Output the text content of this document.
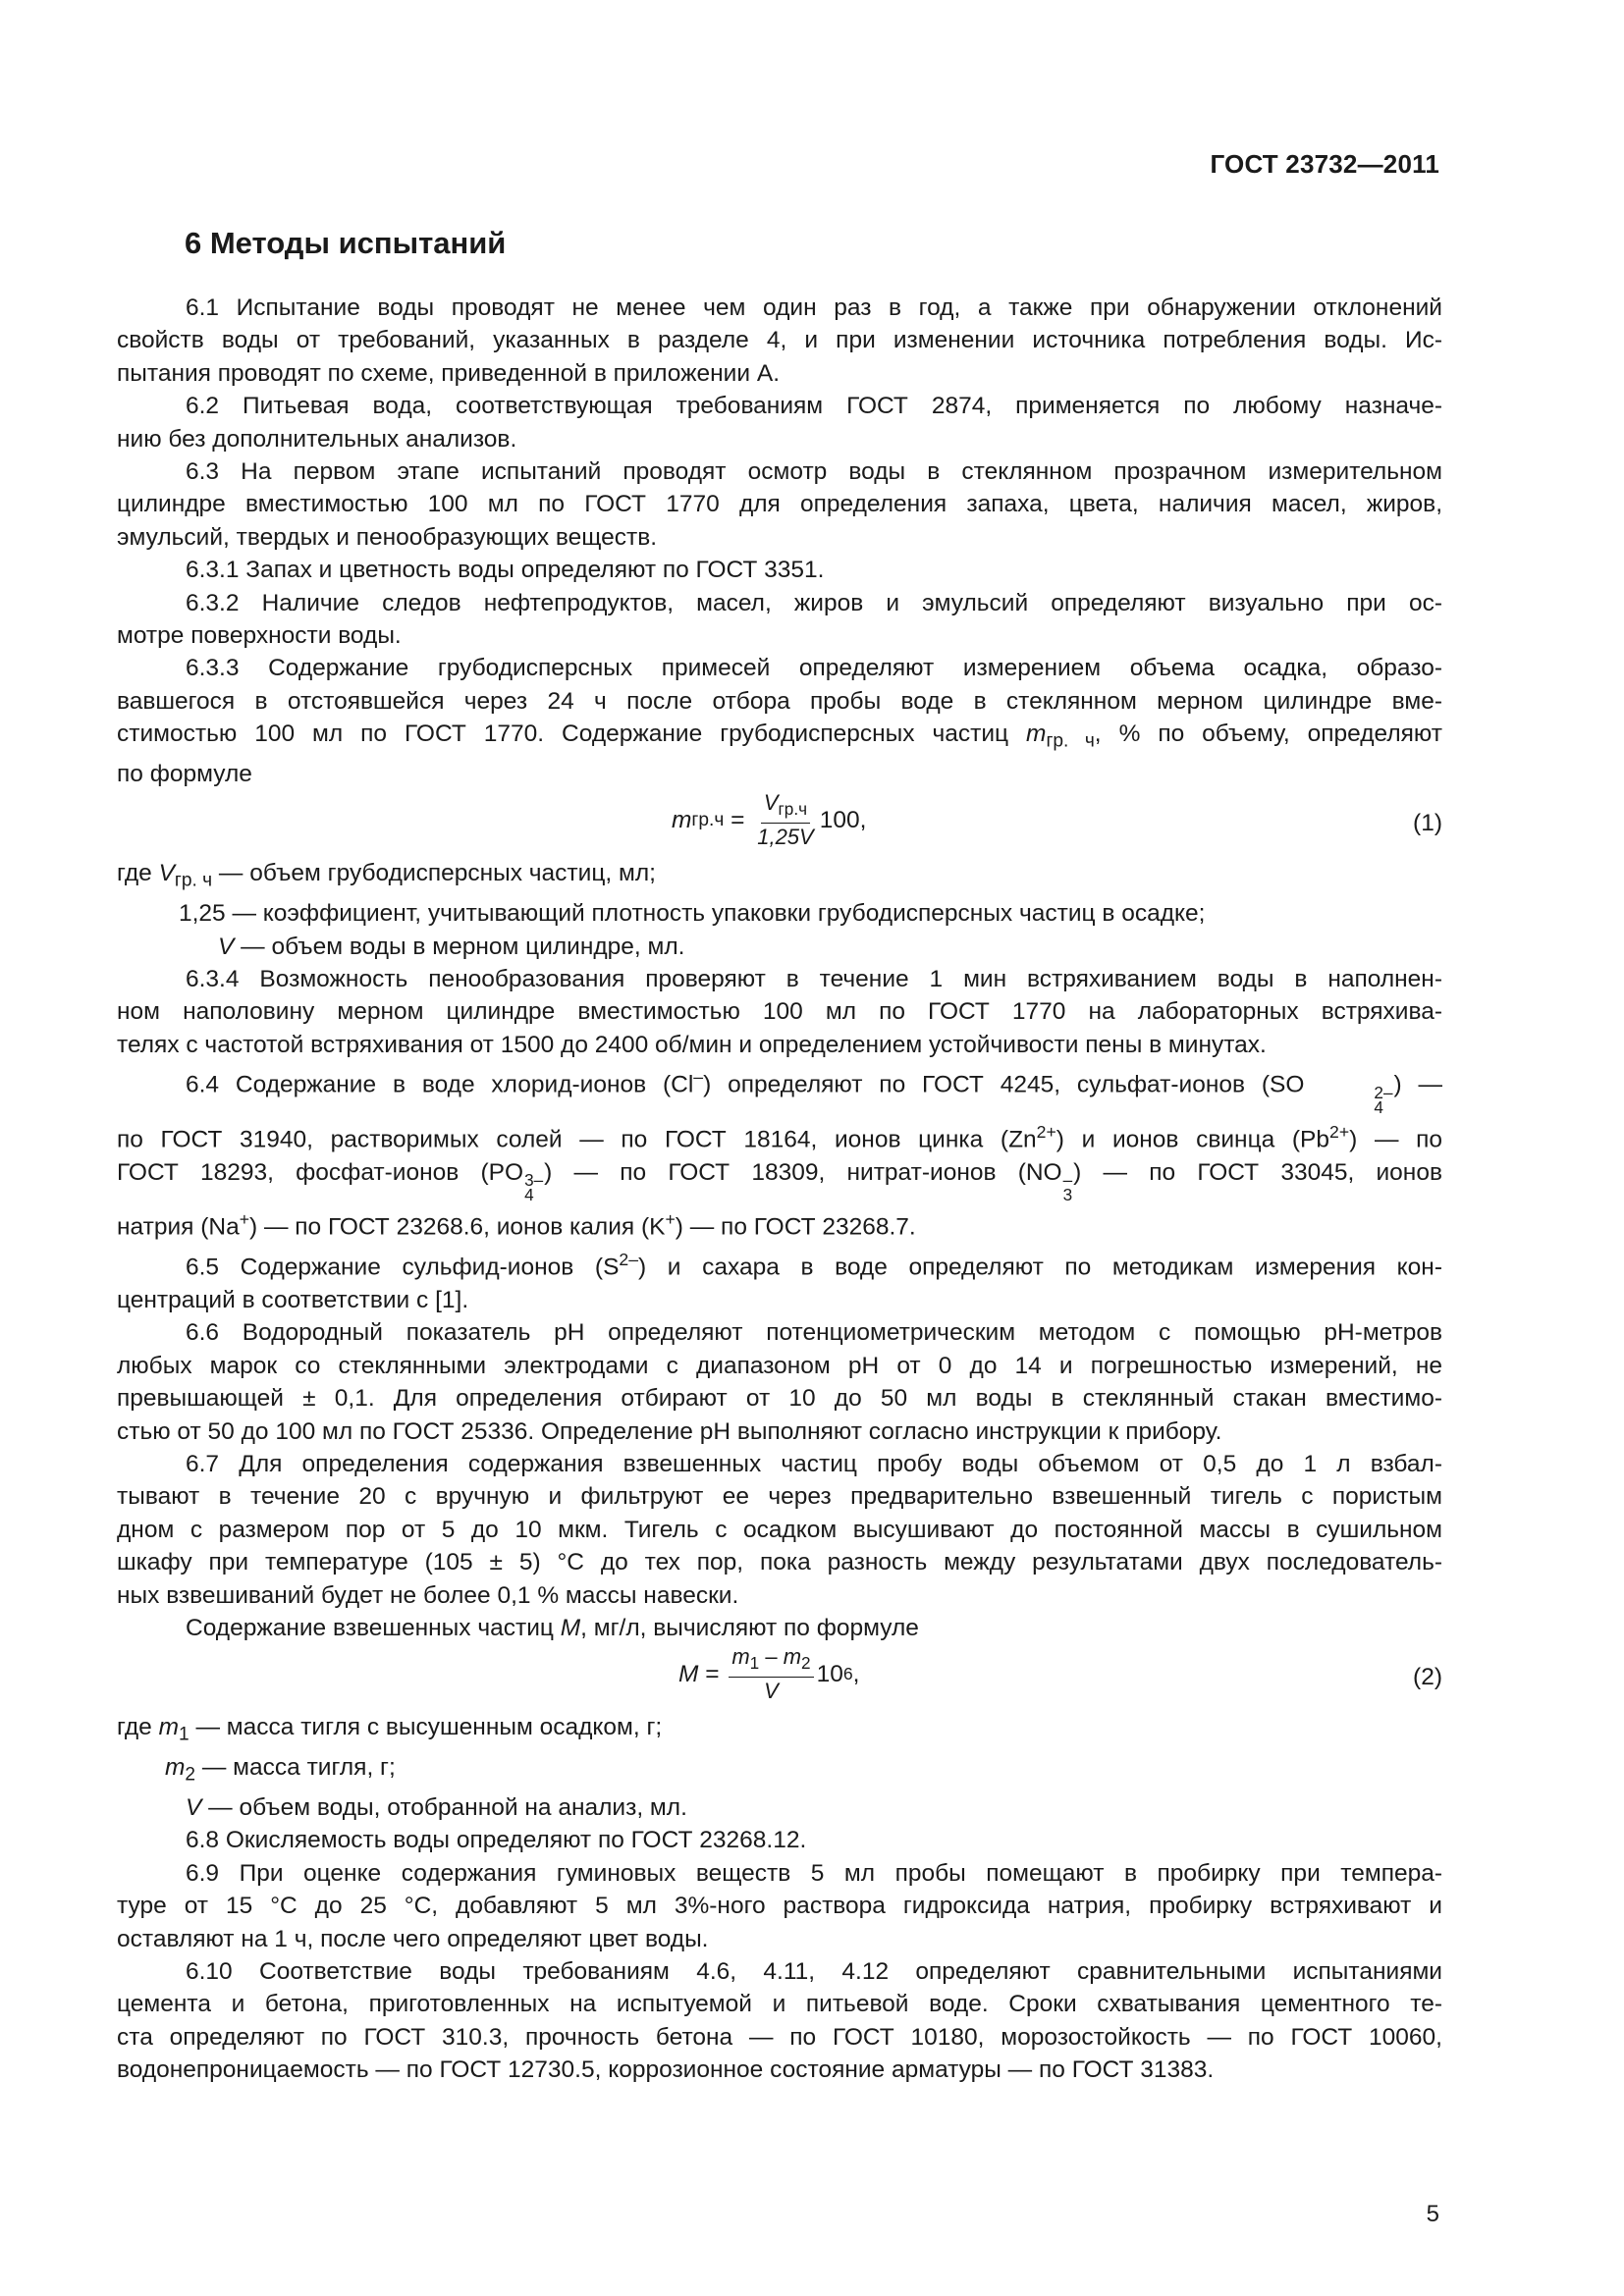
ГОСТ 23732—2011
6 Методы испытаний

6.1 Испытание воды проводят не менее чем один раз в год, а также при обнаружении отклонений
свойств воды от требований, указанных в разделе 4, и при изменении источника потребления воды. Ис-
пытания проводят по схеме, приведенной в приложении А.

6.2 Питьевая вода, соответствующая требованиям ГОСТ 2874, применяется по любому назначе-
нию без дополнительных анализов.

6.3 На первом этапе испытаний проводят осмотр воды в стеклянном прозрачном измерительном
цилиндре вместимостью 100 мл по ГОСТ 1770 для определения запаха, цвета, наличия масел, жиров,
эмульсий, твердых и пенообразующих веществ.

6.3.1 Запах и цветность воды определяют по ГОСТ 3351.

6.3.2 Наличие следов нефтепродуктов, масел, жиров и эмульсий определяют визуально при ос-
мотре поверхности воды.

6.3.3 Содержание грубодисперсных примесей определяют измерением объема осадка, образо-
вавшегося в отстоявшейся через 24 ч после отбора пробы воде в стеклянном мерном цилиндре вме-
стимостью 100 мл по ГОСТ 1770. Содержание грубодисперсных частиц $m_{гр. ч}$, % по объему, определяют
по формуле

m $гр.ч = \frac{V_{гр.ч}}{1,25V} 100$,	(1)

где $V_{гр. ч}$ — объем грубодисперсных частиц, мл;
1,25 — коэффициент, учитывающий плотность упаковки грубодисперсных частиц в осадке;
V — объем воды в мерном цилиндре, мл.

6.3.4 Возможность пенообразования проверяют в течение 1 мин встряхиванием воды в наполнен-
ном наполовину мерном цилиндре вместимостью 100 мл по ГОСТ 1770 на лабораторных встряхива-
телях с частотой встряхивания от 1500 до 2400 об/мин и определением устойчивости пены в минутах.

6.4 Содержание в воде хлорид-ионов (Cl–) определяют по ГОСТ 4245, сульфат-ионов (SO	2–
4
) —
по ГОСТ 31940, растворимых солей — по ГОСТ 18164, ионов цинка $(Zn^{2+})$ и ионов свинца $(Pb^{2+})$ — по
ГОСТ 18293, фосфат-ионов (PO 3–
4
) — по ГОСТ 18309, нитрат-ионов (NO –
3
) — по ГОСТ 33045, ионов
натрия (Na+) — по ГОСТ 23268.6, ионов калия (K+) — по ГОСТ 23268.7.

6.5 Содержание сульфид-ионов $(S^{2-})$ и сахара в воде определяют по методикам измерения кон-
центраций в соответствии с [1].

6.6 Водородный показатель pH определяют потенциометрическим методом с помощью pH-метров
любых марок со стеклянными электродами с диапазоном pH от 0 до 14 и погрешностью измерений, не
превышающей ± 0,1. Для определения отбирают от 10 до 50 мл воды в стеклянный стакан вместимо-
стью от 50 до 100 мл по ГОСТ 25336. Определение pH выполняют согласно инструкции к прибору.

6.7 Для определения содержания взвешенных частиц пробу воды объемом от 0,5 до 1 л взбал-
тывают в течение 20 с вручную и фильтруют ее через предварительно взвешенный тигель с пористым
дном с размером пор от 5 до 10 мкм. Тигель с осадком высушивают до постоянной массы в сушильном
шкафу при температуре (105 ± 5) °С до тех пор, пока разность между результатами двух последователь-
ных взвешиваний будет не более 0,1 % массы навески.

Содержание взвешенных частиц M, мг/л, вычисляют по формуле

$M = \frac{m_1 - m_2}{V} 10$ 6 ,	(2)

где $m_1$ — масса тигля с высушенным осадком, г;
$m_2$ — масса тигля, г;
V — объем воды, отобранной на анализ, мл.

6.8 Окисляемость воды определяют по ГОСТ 23268.12.

6.9 При оценке содержания гуминовых веществ 5 мл пробы помещают в пробирку при темпера-
туре от 15 °С до 25 °С, добавляют 5 мл 3%-ного раствора гидроксида натрия, пробирку встряхивают и
оставляют на 1 ч, после чего определяют цвет воды.

6.10 Соответствие воды требованиям 4.6, 4.11, 4.12 определяют сравнительными испытаниями
цемента и бетона, приготовленных на испытуемой и питьевой воде. Сроки схватывания цементного те-
ста определяют по ГОСТ 310.3, прочность бетона — по ГОСТ 10180, морозостойкость — по ГОСТ 10060,
водонепроницаемость — по ГОСТ 12730.5, коррозионное состояние арматуры — по ГОСТ 31383.

5
